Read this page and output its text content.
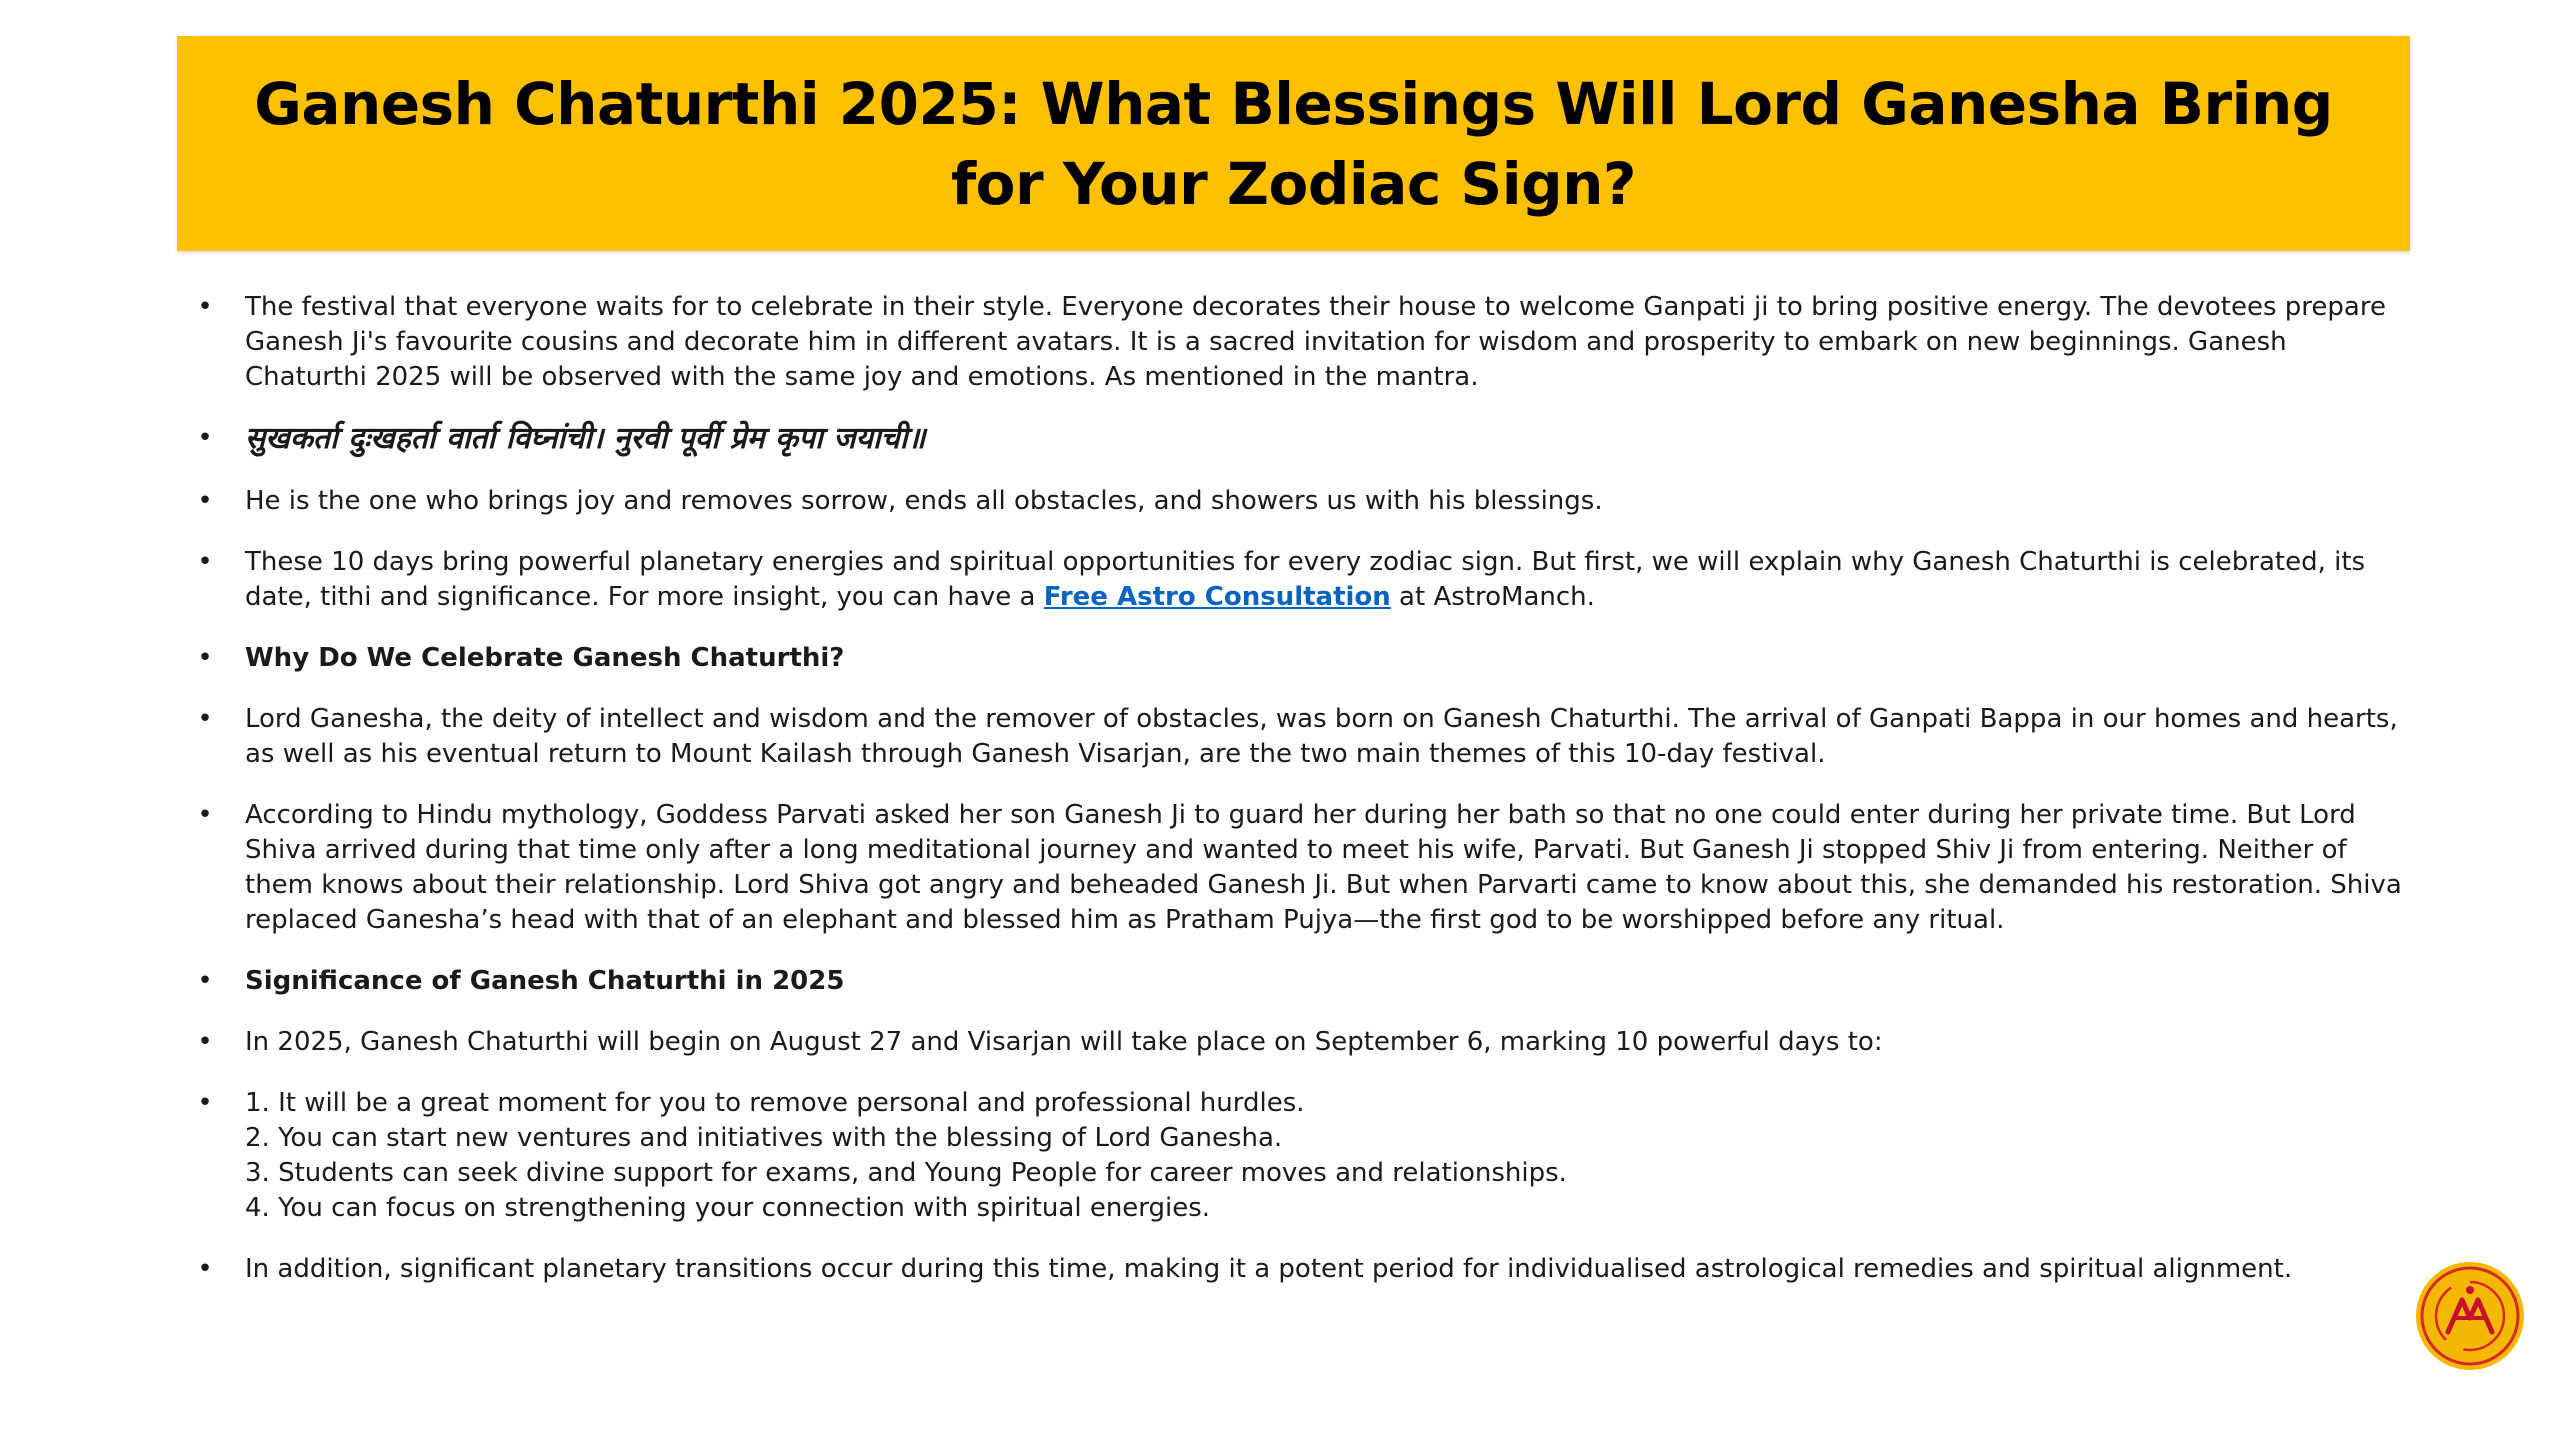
Ganesh Chaturthi 2025: What Blessings Will Lord Ganesha Bring for Your Zodiac Sign?
• The festival that everyone waits for to celebrate in their style. Everyone decorates their house to welcome Ganpati ji to bring positive energy. The devotees prepare Ganesh Ji's favourite cousins and decorate him in different avatars. It is a sacred invitation for wisdom and prosperity to embark on new beginnings. Ganesh Chaturthi 2025 will be observed with the same joy and emotions. As mentioned in the mantra.
• सुखकर्ता दुःखहर्ता वार्ता विघ्नांची। नुरवी पूर्वी प्रेम कृपा जयाची॥
• He is the one who brings joy and removes sorrow, ends all obstacles, and showers us with his blessings.
• These 10 days bring powerful planetary energies and spiritual opportunities for every zodiac sign. But first, we will explain why Ganesh Chaturthi is celebrated, its date, tithi and significance. For more insight, you can have a Free Astro Consultation at AstroManch.
• Why Do We Celebrate Ganesh Chaturthi?
• Lord Ganesha, the deity of intellect and wisdom and the remover of obstacles, was born on Ganesh Chaturthi. The arrival of Ganpati Bappa in our homes and hearts, as well as his eventual return to Mount Kailash through Ganesh Visarjan, are the two main themes of this 10-day festival.
• According to Hindu mythology, Goddess Parvati asked her son Ganesh Ji to guard her during her bath so that no one could enter during her private time. But Lord Shiva arrived during that time only after a long meditational journey and wanted to meet his wife, Parvati. But Ganesh Ji stopped Shiv Ji from entering. Neither of them knows about their relationship. Lord Shiva got angry and beheaded Ganesh Ji. But when Parvarti came to know about this, she demanded his restoration. Shiva replaced Ganesha’s head with that of an elephant and blessed him as Pratham Pujya—the first god to be worshipped before any ritual.
• Significance of Ganesh Chaturthi in 2025
• In 2025, Ganesh Chaturthi will begin on August 27 and Visarjan will take place on September 6, marking 10 powerful days to:
• 1. It will be a great moment for you to remove personal and professional hurdles.
2. You can start new ventures and initiatives with the blessing of Lord Ganesha.
3. Students can seek divine support for exams, and Young People for career moves and relationships.
4. You can focus on strengthening your connection with spiritual energies.
• In addition, significant planetary transitions occur during this time, making it a potent period for individualised astrological remedies and spiritual alignment.
